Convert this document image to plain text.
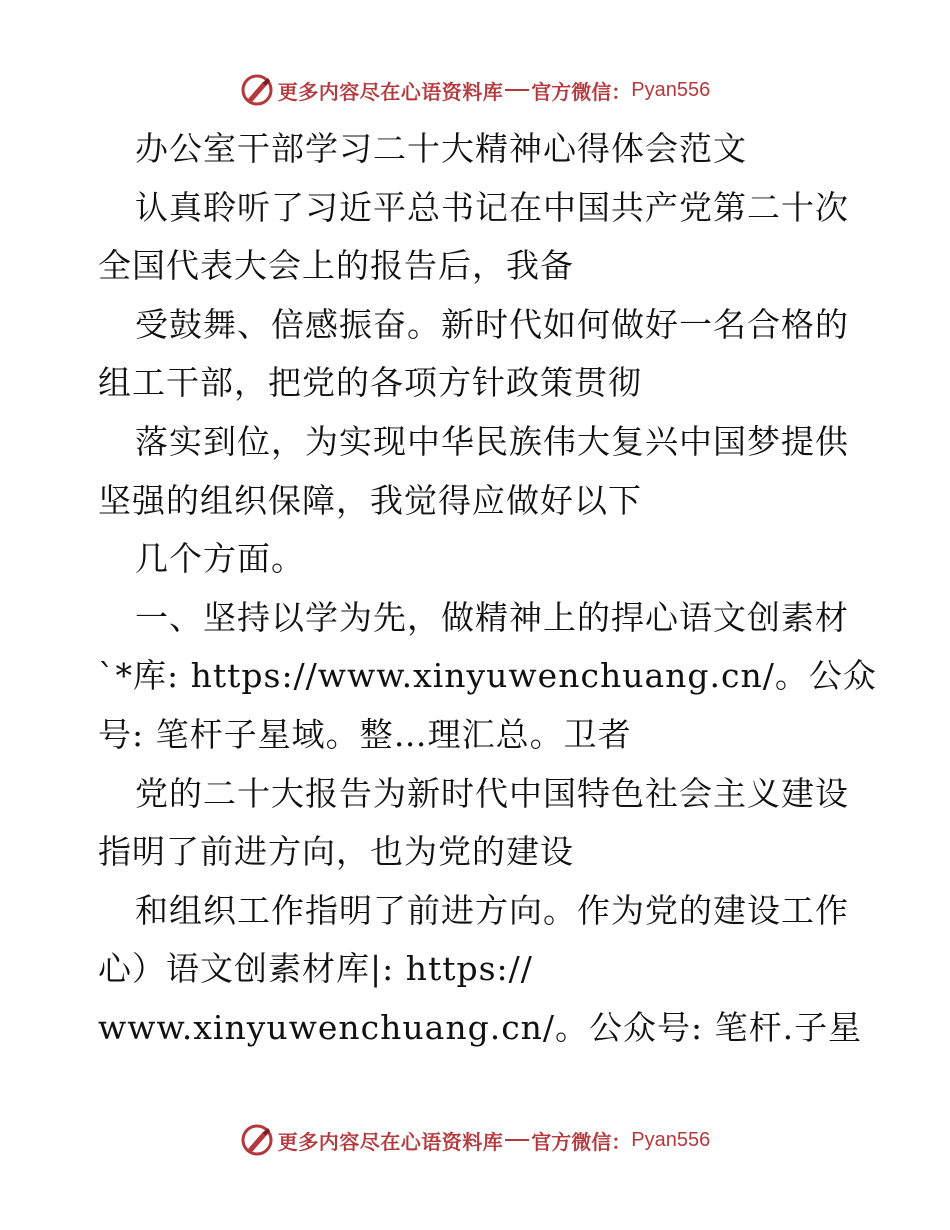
更多内容尽在心语资料库 官方微信： Pyan556
办公室干部学习二十大精神心得体会范文
认真聆听了习近平总书记在中国共产党第二十次
全国代表大会上的报告后，我备
受鼓舞、倍感振奋。新时代如何做好一名合格的
组工干部，把党的各项方针政策贯彻
落实到位，为实现中华民族伟大复兴中国梦提供
坚强的组织保障，我觉得应做好以下
几个方面。
一、坚持以学为先，做精神上的捍心语文创素材
`*库: https://www.xinyuwenchuang.cn/。公众
号: 笔杆子星域。整…理汇总。卫者
党的二十大报告为新时代中国特色社会主义建设
指明了前进方向，也为党的建设
和组织工作指明了前进方向。作为党的建设工作
心）语文创素材库|: https://
www.xinyuwenchuang.cn/。公众号: 笔杆.子星
更多内容尽在心语资料库 官方微信： Pyan556
